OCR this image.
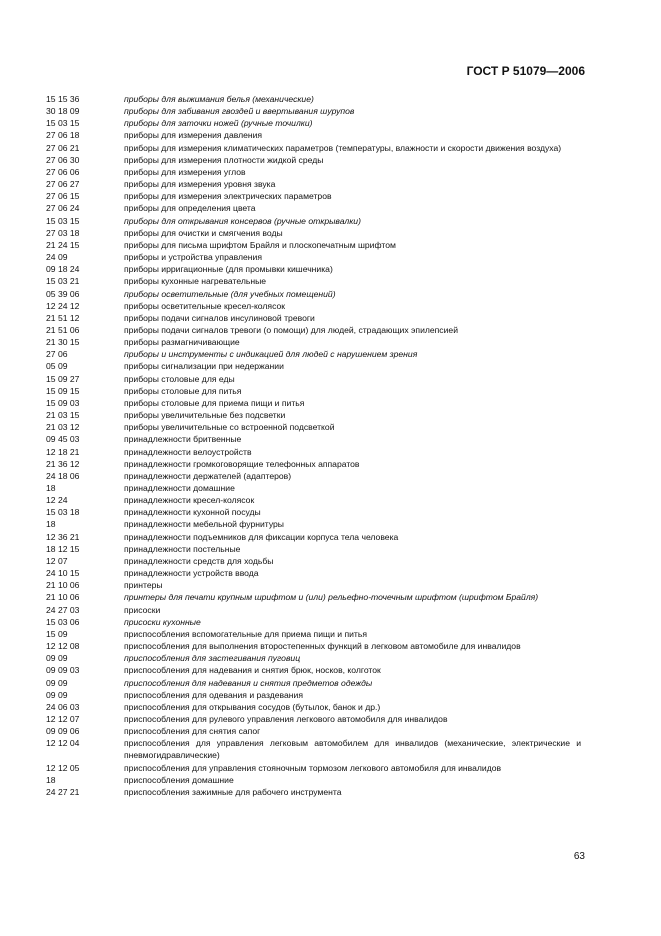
ГОСТ Р 51079—2006
15 15 36	приборы для выжимания белья (механические)
30 18 09	приборы для забивания гвоздей и ввертывания шурупов
15 03 15	приборы для заточки ножей (ручные точилки)
27 06 18	приборы для измерения давления
27 06 21	приборы для измерения климатических параметров (температуры, влажности и скорости движения воздуха)
27 06 30	приборы для измерения плотности жидкой среды
27 06 06	приборы для измерения углов
27 06 27	приборы для измерения уровня звука
27 06 15	приборы для измерения электрических параметров
27 06 24	приборы для определения цвета
15 03 15	приборы для открывания консервов (ручные открывалки)
27 03 18	приборы для очистки и смягчения воды
21 24 15	приборы для письма шрифтом Брайля и плоскопечатным шрифтом
24 09	приборы и устройства управления
09 18 24	приборы ирригационные (для промывки кишечника)
15 03 21	приборы кухонные нагревательные
05 39 06	приборы осветительные (для учебных помещений)
12 24 12	приборы осветительные кресел-колясок
21 51 12	приборы подачи сигналов инсулиновой тревоги
21 51 06	приборы подачи сигналов тревоги (о помощи) для людей, страдающих эпилепсией
21 30 15	приборы размагничивающие
27 06	приборы и инструменты с индикацией для людей с нарушением зрения
05 09	приборы сигнализации при недержании
15 09 27	приборы столовые для еды
15 09 15	приборы столовые для питья
15 09 03	приборы столовые для приема пищи и питья
21 03 15	приборы увеличительные без подсветки
21 03 12	приборы увеличительные со встроенной подсветкой
09 45 03	принадлежности бритвенные
12 18 21	принадлежности велоустройств
21 36 12	принадлежности громкоговорящие телефонных аппаратов
24 18 06	принадлежности держателей (адаптеров)
18	принадлежности домашние
12 24	принадлежности кресел-колясок
15 03 18	принадлежности кухонной посуды
18	принадлежности мебельной фурнитуры
12 36 21	принадлежности подъемников для фиксации корпуса тела человека
18 12 15	принадлежности постельные
12 07	принадлежности средств для ходьбы
24 10 15	принадлежности устройств ввода
21 10 06	принтеры
21 10 06	принтеры для печати крупным шрифтом и (или) рельефно-точечным шрифтом (шрифтом Брайля)
24 27 03	присоски
15 03 06	присоски кухонные
15 09	приспособления вспомогательные для приема пищи и питья
12 12 08	приспособления для выполнения второстепенных функций в легковом автомобиле для инвалидов
09 09	приспособления для застегивания пуговиц
09 09 03	приспособления для надевания и снятия брюк, носков, колготок
09 09	приспособления для надевания и снятия предметов одежды
09 09	приспособления для одевания и раздевания
24 06 03	приспособления для открывания сосудов (бутылок, банок и др.)
12 12 07	приспособления для рулевого управления легкового автомобиля для инвалидов
09 09 06	приспособления для снятия сапог
12 12 04	приспособления для управления легковым автомобилем для инвалидов (механические, электрические и пневмогидравлические)
12 12 05	приспособления для управления стояночным тормозом легкового автомобиля для инвалидов
18	приспособления домашние
24 27 21	приспособления зажимные для рабочего инструмента
63
